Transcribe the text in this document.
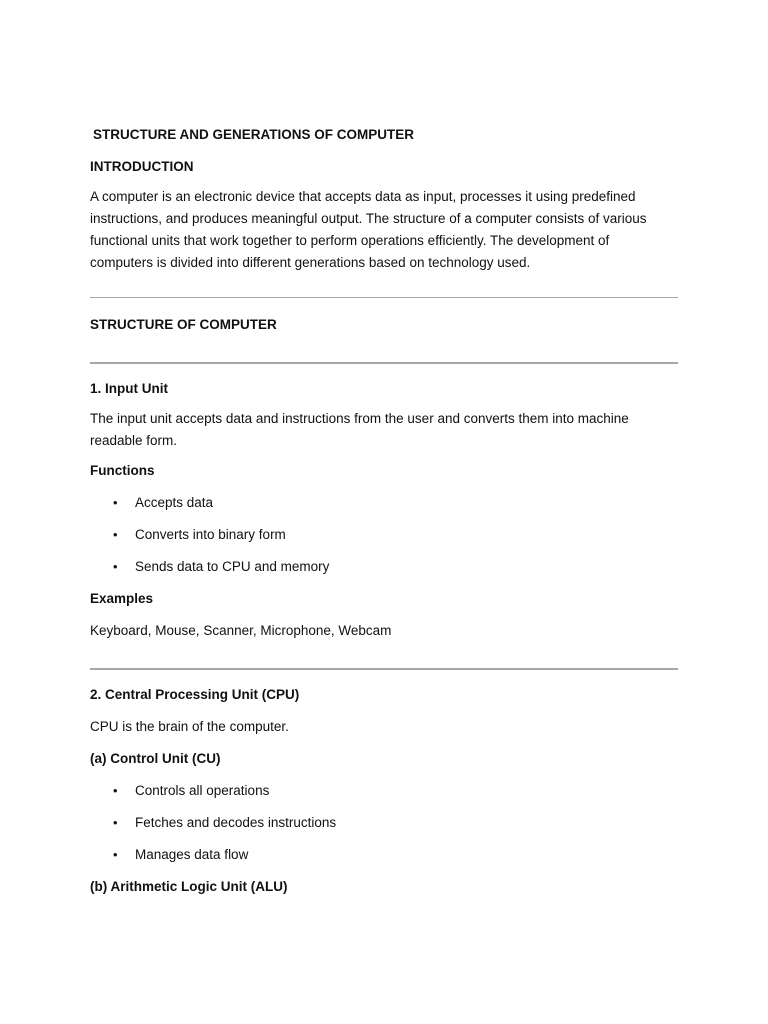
STRUCTURE AND GENERATIONS OF COMPUTER
INTRODUCTION
A computer is an electronic device that accepts data as input, processes it using predefined
instructions, and produces meaningful output. The structure of a computer consists of various
functional units that work together to perform operations efficiently. The development of
computers is divided into different generations based on technology used.
STRUCTURE OF COMPUTER
1. Input Unit
The input unit accepts data and instructions from the user and converts them into machine
readable form.
Functions
• Accepts data
• Converts into binary form
• Sends data to CPU and memory
Examples
Keyboard, Mouse, Scanner, Microphone, Webcam
2. Central Processing Unit (CPU)
CPU is the brain of the computer.
(a) Control Unit (CU)
• Controls all operations
• Fetches and decodes instructions
• Manages data flow
(b) Arithmetic Logic Unit (ALU)
